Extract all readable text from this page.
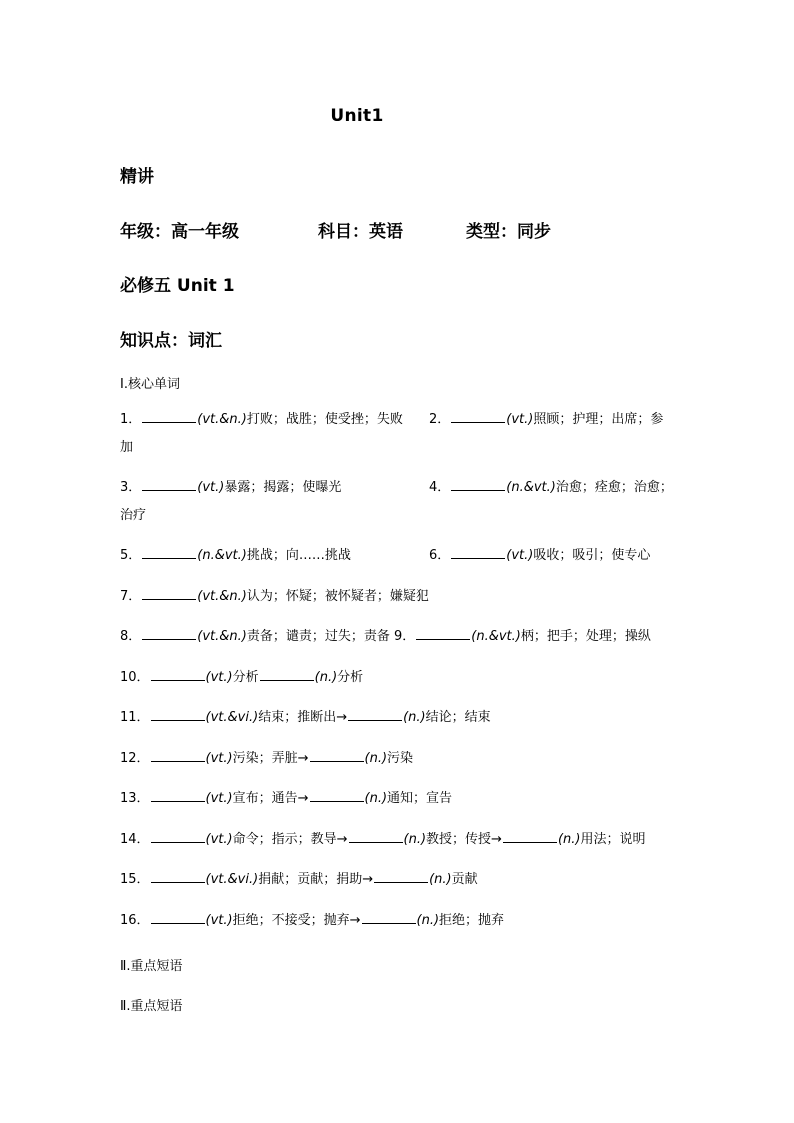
Unit1
精讲
年级：高一年级	科目：英语	类型：同步
必修五 Unit 1
知识点：词汇
Ⅰ.核心单词
1．	(vt.&n.)打败；战胜；使受挫；失败 2．	(vt.)照顾；护理；出席；参
加
3．	(vt.)暴露；揭露；使曝光	4．	(n.&vt.)治愈；痊愈；治愈；
治疗
5．	(n.&vt.)挑战；向……挑战	6．	(vt.)吸收；吸引；使专心
7．	(vt.&n.)认为；怀疑；被怀疑者；嫌疑犯
8．	(vt.&n.)责备；谴责；过失；责备 9．	(n.&vt.)柄；把手；处理；操纵
10．	(vt.)分析	(n.)分析
11．	(vt.&vi.)结束；推断出→	(n.)结论；结束
12．	(vt.)污染；弄脏→	(n.)污染
13．	(vt.)宣布；通告→	(n.)通知；宣告
14．	(vt.)命令；指示；教导→	(n.)教授；传授→	(n.)用法；说明
15．	(vt.&vi.)捐献；贡献；捐助→	(n.)贡献
16．	(vt.)拒绝；不接受；抛弃→	(n.)拒绝；抛弃
Ⅱ.重点短语
Ⅱ.重点短语
